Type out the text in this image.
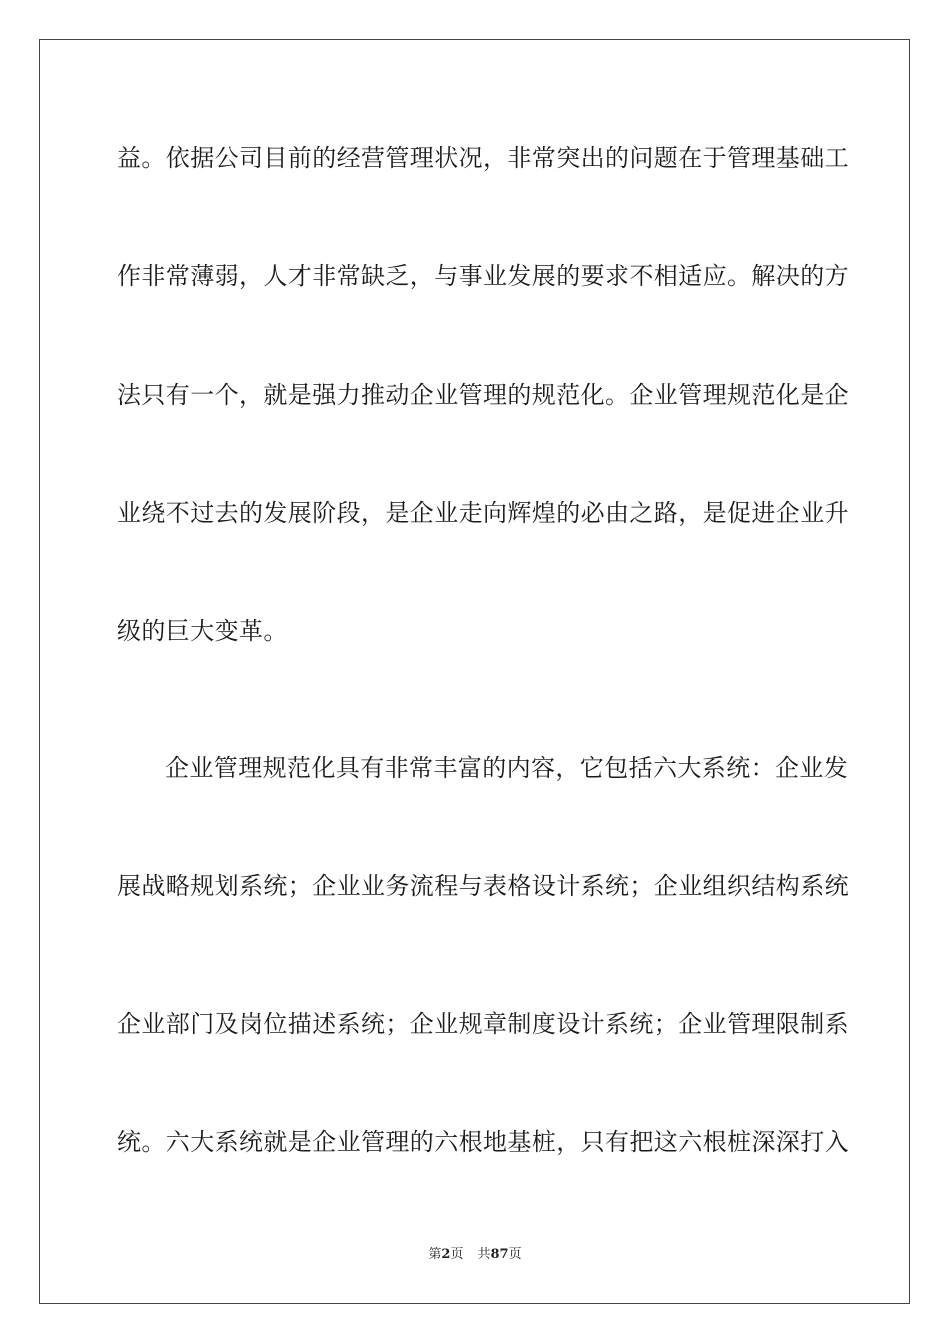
益。依据公司目前的经营管理状况，非常突出的问题在于管理基础工
作非常薄弱，人才非常缺乏，与事业发展的要求不相适应。解决的方
法只有一个，就是强力推动企业管理的规范化。企业管理规范化是企
业绕不过去的发展阶段，是企业走向辉煌的必由之路，是促进企业升
级的巨大变革。
企业管理规范化具有非常丰富的内容，它包括六大系统：企业发
展战略规划系统；企业业务流程与表格设计系统；企业组织结构系统
企业部门及岗位描述系统；企业规章制度设计系统；企业管理限制系
统。六大系统就是企业管理的六根地基桩，只有把这六根桩深深打入
第2页 共87页
